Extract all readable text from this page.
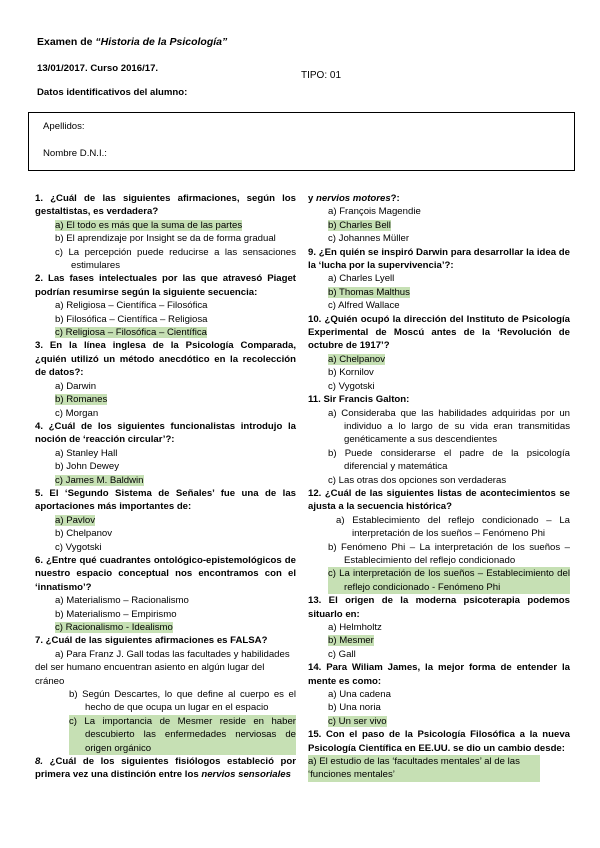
Examen de “Historia de la Psicología”
13/01/2017. Curso 2016/17.
TIPO: 01
Datos identificativos del alumno:
Apellidos:
Nombre D.N.I.:
1. ¿Cuál de las siguientes afirmaciones, según los gestaltistas, es verdadera?
a) El todo es más que la suma de las partes
b) El aprendizaje por Insight se da de forma gradual
c) La percepción puede reducirse a las sensaciones estimulares
2. Las fases intelectuales por las que atravesó Piaget podrían resumirse según la siguiente secuencia:
a) Religiosa – Científica – Filosófica
b) Filosófica – Científica – Religiosa
c) Religiosa – Filosófica – Científica
3. En la línea inglesa de la Psicología Comparada, ¿quién utilizó un método anecdótico en la recolección de datos?:
a) Darwin
b) Romanes
c) Morgan
4. ¿Cuál de los siguientes funcionalistas introdujo la noción de ‘reacción circular’?:
a) Stanley Hall
b) John Dewey
c) James M. Baldwin
5. El ‘Segundo Sistema de Señales’ fue una de las aportaciones más importantes de:
a) Pavlov
b) Chelpanov
c) Vygotski
6. ¿Entre qué cuadrantes ontológico-epistemológicos de nuestro espacio conceptual nos encontramos con el ‘innatismo’?
a) Materialismo – Racionalismo
b) Materialismo – Empirismo
c) Racionalismo - Idealismo
7. ¿Cuál de las siguientes afirmaciones es FALSA?
a) Para Franz J. Gall todas las facultades y habilidades del ser humano encuentran asiento en algún lugar del cráneo
b) Según Descartes, lo que define al cuerpo es el hecho de que ocupa un lugar en el espacio
c) La importancia de Mesmer reside en haber descubierto las enfermedades nerviosas de origen orgánico
8. ¿Cuál de los siguientes fisiólogos estableció por primera vez una distinción entre los nervios sensoriales
y nervios motores?:
a) François Magendie
b) Charles Bell
c) Johannes Müller
9. ¿En quién se inspiró Darwin para desarrollar la idea de la ‘lucha por la supervivencia’?:
a) Charles Lyell
b) Thomas Malthus
c) Alfred Wallace
10. ¿Quién ocupó la dirección del Instituto de Psicología Experimental de Moscú antes de la ‘Revolución de octubre de 1917’?
a) Chelpanov
b) Kornilov
c) Vygotski
11. Sir Francis Galton:
a) Consideraba que las habilidades adquiridas por un individuo a lo largo de su vida eran transmitidas genéticamente a sus descendientes
b) Puede considerarse el padre de la psicología diferencial y matemática
c) Las otras dos opciones son verdaderas
12. ¿Cuál de las siguientes listas de acontecimientos se ajusta a la secuencia histórica?
a) Establecimiento del reflejo condicionado – La interpretación de los sueños – Fenómeno Phi
b) Fenómeno Phi – La interpretación de los sueños – Establecimiento del reflejo condicionado
c) La interpretación de los sueños – Establecimiento del reflejo condicionado - Fenómeno Phi
13. El origen de la moderna psicoterapia podemos situarlo en:
a) Helmholtz
b) Mesmer
c) Gall
14. Para Wiliam James, la mejor forma de entender la mente es como:
a) Una cadena
b) Una noria
c) Un ser vivo
15. Con el paso de la Psicología Filosófica a la nueva Psicología Científica en EE.UU. se dio un cambio desde:
a) El estudio de las ‘facultades mentales’ al de las ‘funciones mentales’
